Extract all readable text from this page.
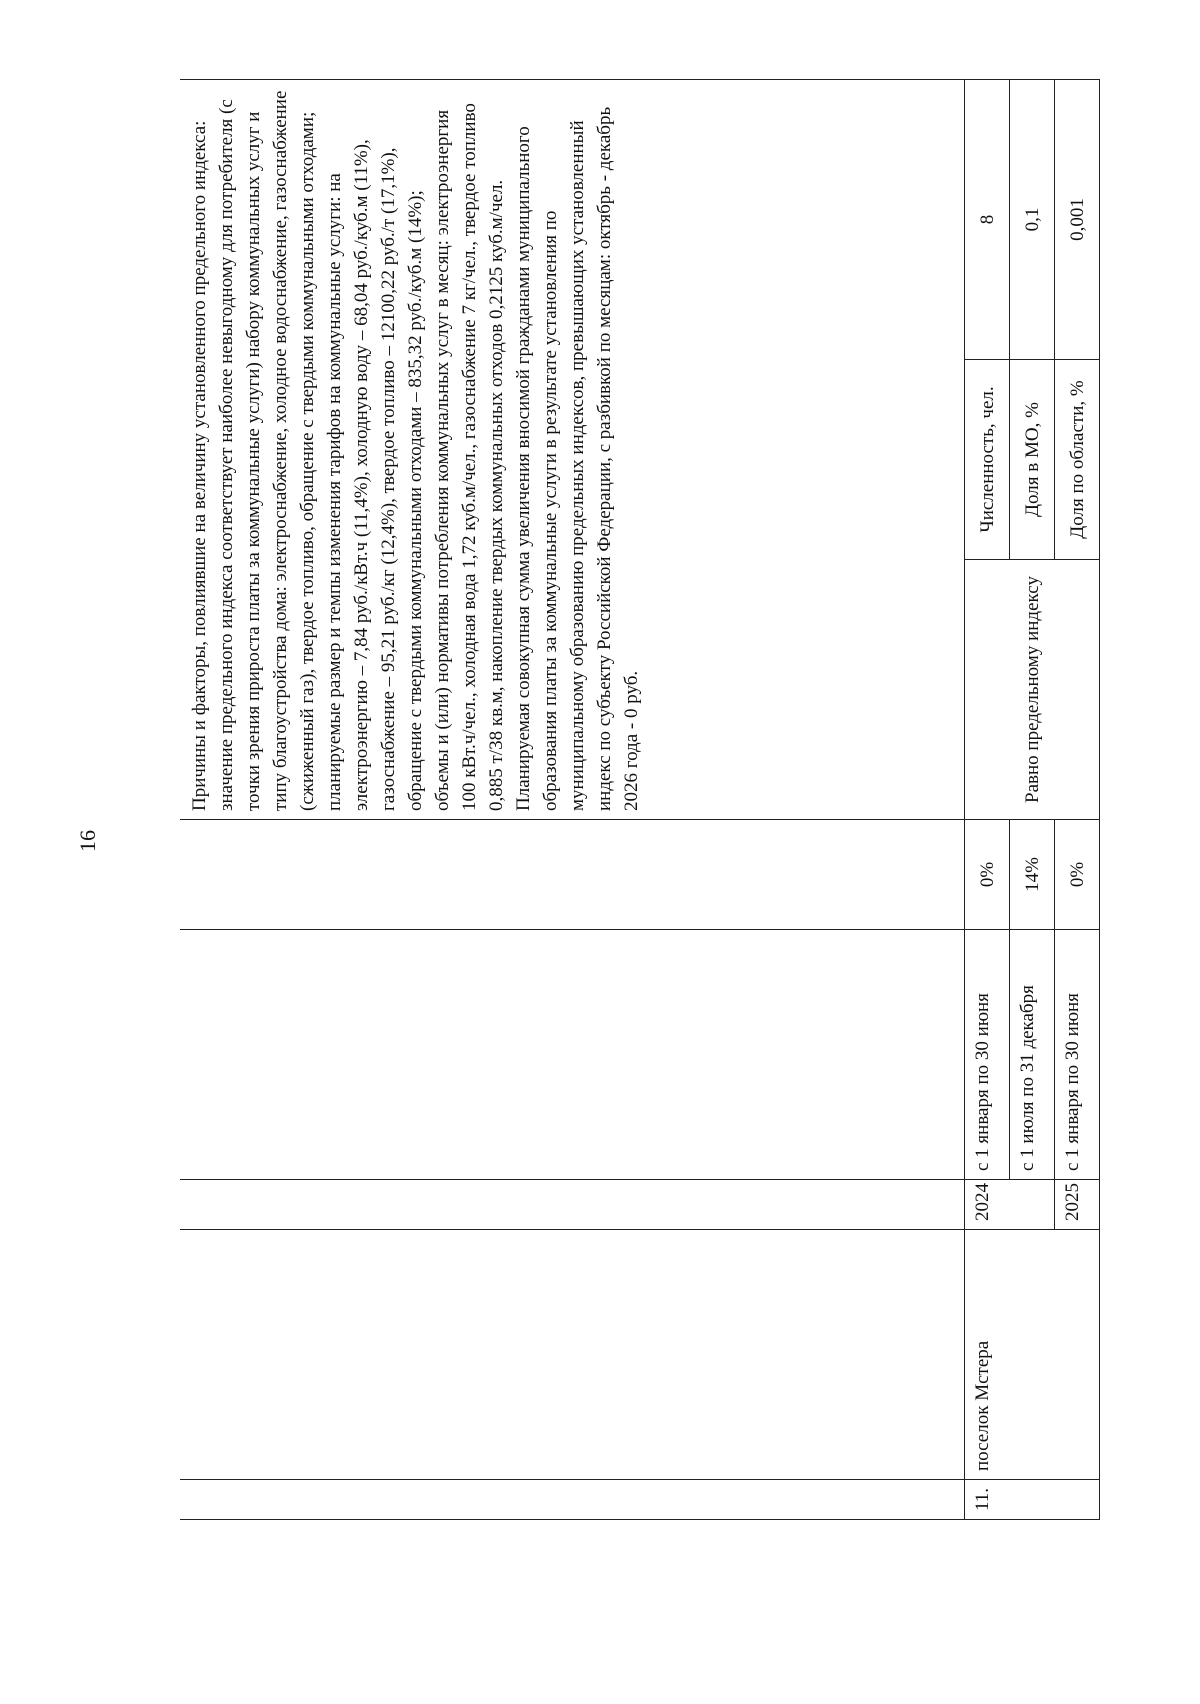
16

					Причины и факторы, повлиявшие на величину установленного предельного индекса: значение предельного индекса соответствует наиболее невыгодному для потребителя (с точки зрения прироста платы за коммунальные услуги) набору коммунальных услуг и типу благоустройства дома: электроснабжение, холодное водоснабжение, газоснабжение (сжиженный газ), твердое топливо, обращение с твердыми коммунальными отходами; планируемые размер и темпы изменения тарифов на коммунальные услуги: на электроэнергию – 7,84 руб./кВт.ч (11,4%), холодную воду – 68,04 руб./куб.м (11%), газоснабжение – 95,21 руб./кг (12,4%), твердое топливо – 12100,22 руб./т (17,1%), обращение с твердыми коммунальными отходами – 835,32 руб./куб.м (14%); объемы и (или) нормативы потребления коммунальных услуг в месяц: электроэнергия 100 кВт.ч/чел., холодная вода 1,72 куб.м/чел., газоснабжение 7 кг/чел., твердое топливо 0,885 т/38 кв.м, накопление твердых коммунальных отходов 0,2125 куб.м/чел. Планируемая совокупная сумма увеличения вносимой гражданами муниципального образования платы за коммунальные услуги в результате установления по муниципальному образованию предельных индексов, превышающих установленный индекс по субъекту Российской Федерации, с разбивкой по месяцам: октябрь - декабрь 2026 года - 0 руб.		

11.	поселок Мстера	2024	с 1 января по 30 июня	0%	Равно предельному индексу	Численность, чел.	8
			с 1 июля по 31 декабря	14%		Доля в МО, %	0,1
		2025	с 1 января по 30 июня	0%		Доля по области, %	0,001
